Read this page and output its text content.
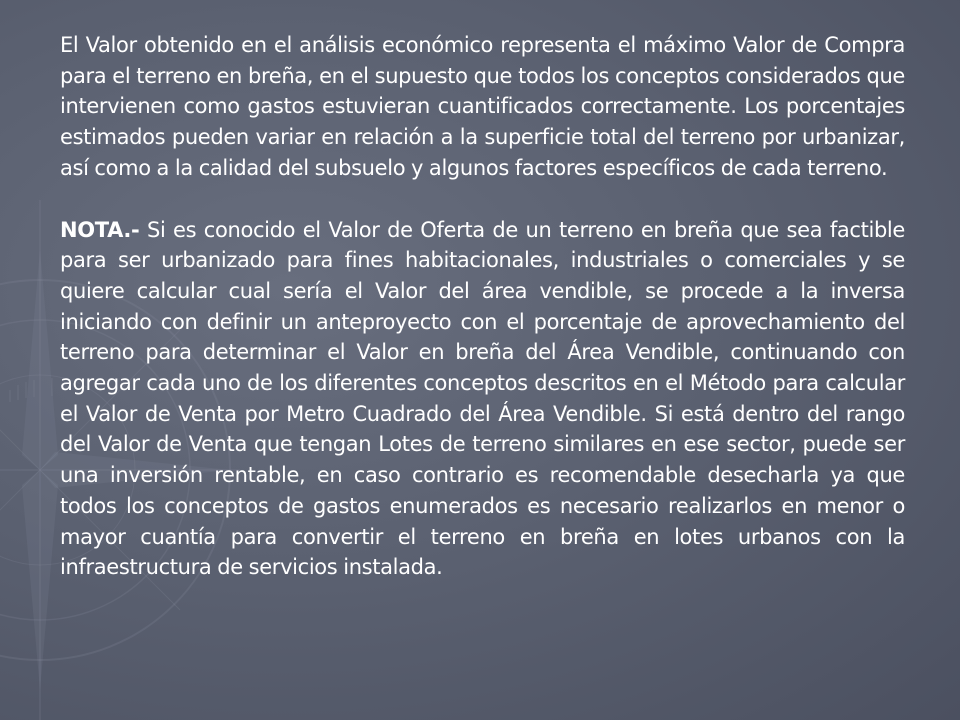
El Valor obtenido en el análisis económico representa el máximo Valor de Compra para el terreno en breña, en el supuesto que todos los conceptos considerados que intervienen como gastos estuvieran cuantificados correctamente. Los porcentajes estimados pueden variar en relación a la superficie total del terreno por urbanizar, así como a la calidad del subsuelo y algunos factores específicos de cada terreno.

NOTA.- Si es conocido el Valor de Oferta de un terreno en breña que sea factible para ser urbanizado para fines habitacionales, industriales o comerciales y se quiere calcular cual sería el Valor del área vendible, se procede a la inversa iniciando con definir un anteproyecto con el porcentaje de aprovechamiento del terreno para determinar el Valor en breña del Área Vendible, continuando con agregar cada uno de los diferentes conceptos descritos en el Método para calcular el Valor de Venta por Metro Cuadrado del Área Vendible. Si está dentro del rango del Valor de Venta que tengan Lotes de terreno similares en ese sector, puede ser una inversión rentable, en caso contrario es recomendable desecharla ya que todos los conceptos de gastos enumerados es necesario realizarlos en menor o mayor cuantía para convertir el terreno en breña en lotes urbanos con la infraestructura de servicios instalada.
